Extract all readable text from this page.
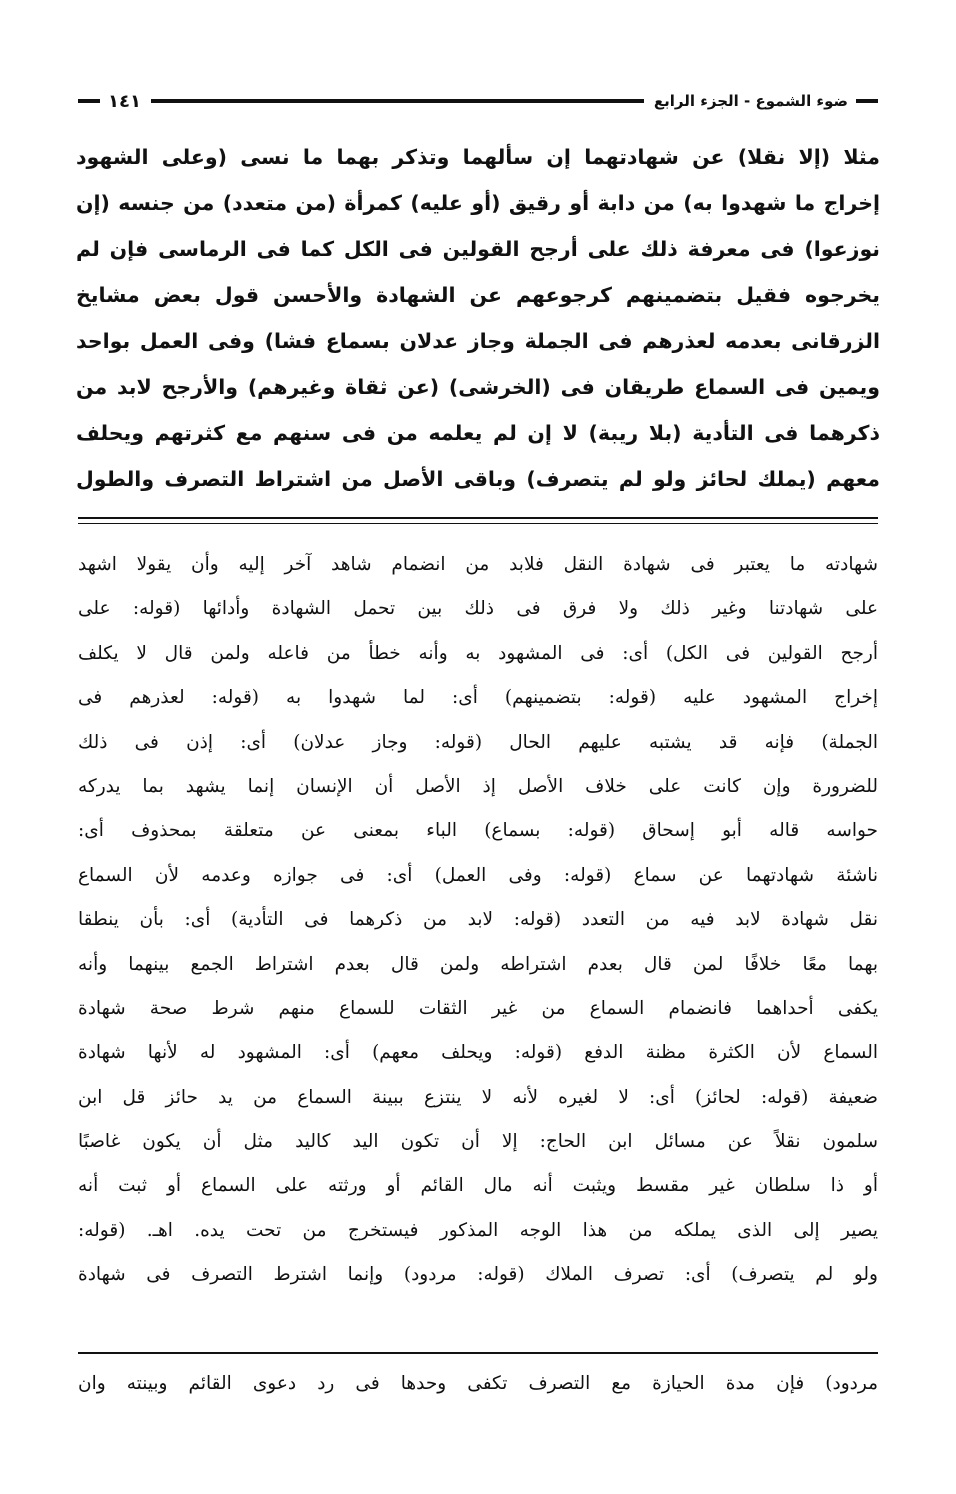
ضوء الشموع - الجزء الرابع
١٤١

مثلا (إلا نقلا) عن شهادتهما إن سألهما وتذكر بهما ما نسى (وعلى الشهود

إخراج ما شهدوا به) من دابة أو رقيق (أو عليه) كمرأة (من متعدد) من جنسه (إن

نوزعوا) فى معرفة ذلك على أرجح القولين فى الكل كما فى الرماسى فإن لم

يخرجوه فقيل بتضمينهم كرجوعهم عن الشهادة والأحسن قول بعض مشايخ

الزرقانى بعدمه لعذرهم فى الجملة وجاز عدلان بسماع فشا) وفى العمل بواحد

ويمين فى السماع طريقان فى (الخرشى) (عن ثقاة وغيرهم) والأرجح لابد من

ذكرهما فى التأدية (بلا ريبة) لا إن لم يعلمه من فى سنهم مع كثرتهم ويحلف

معهم (يملك لحائز ولو لم يتصرف) وباقى الأصل من اشتراط التصرف والطول

شهادته ما يعتبر فى شهادة النقل فلابد من انضمام شاهد آخر إليه وأن يقولا اشهد

على شهادتنا وغير ذلك ولا فرق فى ذلك بين تحمل الشهادة وأدائها (قوله: على

أرجح القولين فى الكل) أى: فى المشهود به وأنه خطأ من فاعله ولمن قال لا يكلف

إخراج المشهود عليه (قوله: بتضمينهم) أى: لما شهدوا به (قوله: لعذرهم فى

الجملة) فإنه قد يشتبه عليهم الحال (قوله: وجاز عدلان) أى: إذن فى ذلك

للضرورة وإن كانت على خلاف الأصل إذ الأصل أن الإنسان إنما يشهد بما يدركه

حواسه قاله أبو إسحاق (قوله: بسماع) الباء بمعنى عن متعلقة بمحذوف أى:

ناشئة شهادتهما عن سماع (قوله: وفى العمل) أى: فى جوازه وعدمه لأن السماع

نقل شهادة لابد فيه من التعدد (قوله: لابد من ذكرهما فى التأدية) أى: بأن ينطقا

بهما معًا خلافًا لمن قال بعدم اشتراطه ولمن قال بعدم اشتراط الجمع بينهما وأنه

يكفى أحداهما فانضمام السماع من غير الثقات للسماع منهم شرط صحة شهادة

السماع لأن الكثرة مظنة الدفع (قوله: ويحلف معهم) أى: المشهود له لأنها شهادة

ضعيفة (قوله: لحائز) أى: لا لغيره لأنه لا ينتزع ببينة السماع من يد حائز قل ابن

سلمون نقلاً عن مسائل ابن الحاج: إلا أن تكون اليد كاليد مثل أن يكون غاصبًا

أو ذا سلطان غير مقسط ويثبت أنه مال القائم أو ورثته على السماع أو ثبت أنه

يصير إلى الذى يملكه من هذا الوجه المذكور فيستخرج من تحت يده. اهـ. (قوله:

ولو لم يتصرف) أى: تصرف الملاك (قوله: مردود) وإنما اشترط التصرف فى شهادة

مردود) فإن مدة الحيازة مع التصرف تكفى وحدها فى رد دعوى القائم وبينته وان
